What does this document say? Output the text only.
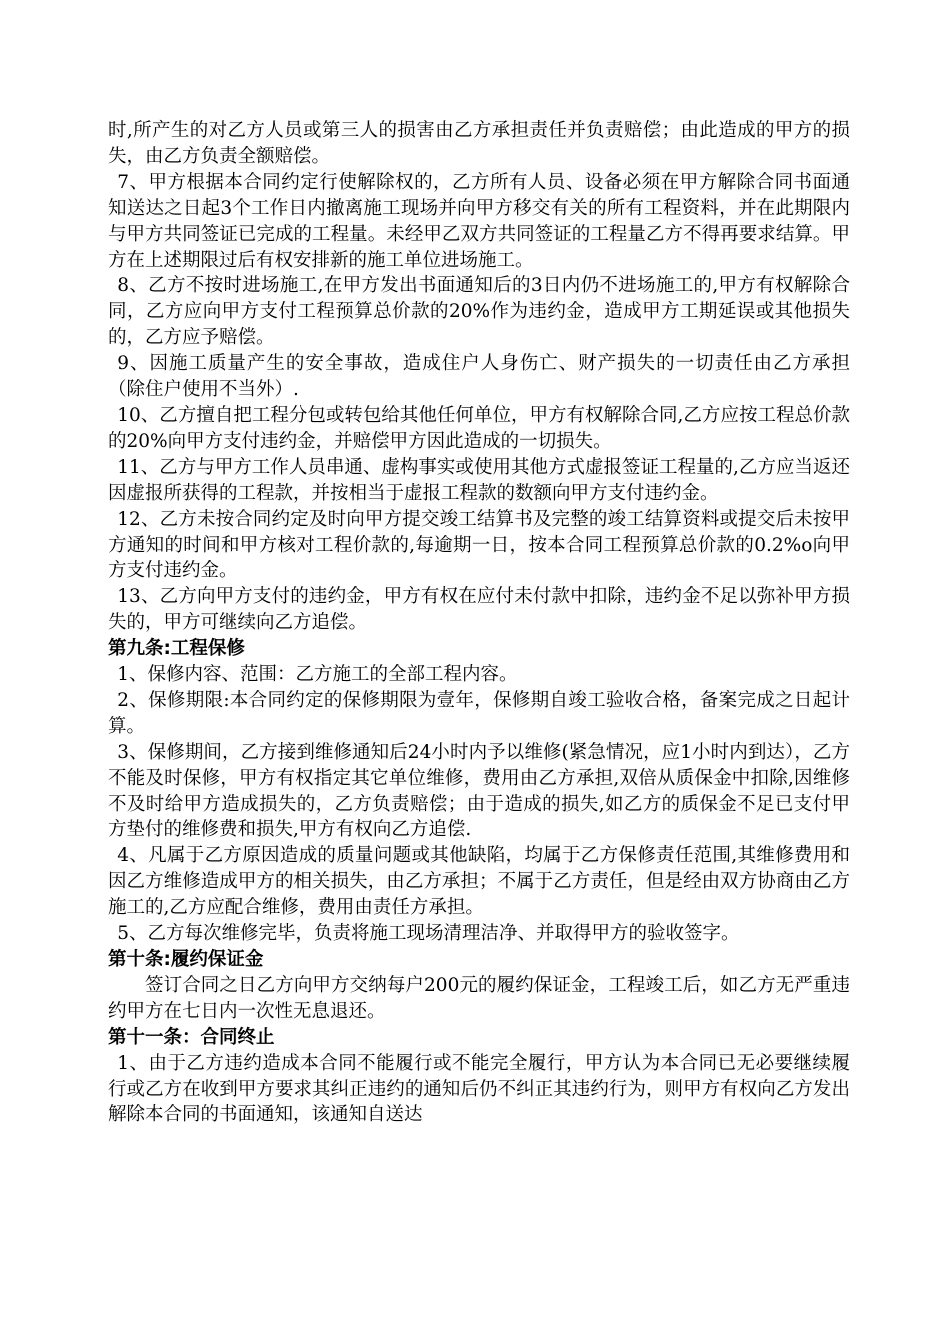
时,所产生的对乙方人员或第三人的损害由乙方承担责任并负责赔偿；由此造成的甲方的损失，由乙方负责全额赔偿。

7、甲方根据本合同约定行使解除权的，乙方所有人员、设备必须在甲方解除合同书面通知送达之日起3个工作日内撤离施工现场并向甲方移交有关的所有工程资料，并在此期限内与甲方共同签证已完成的工程量。未经甲乙双方共同签证的工程量乙方不得再要求结算。甲方在上述期限过后有权安排新的施工单位进场施工。

8、乙方不按时进场施工,在甲方发出书面通知后的3日内仍不进场施工的,甲方有权解除合同，乙方应向甲方支付工程预算总价款的20%作为违约金，造成甲方工期延误或其他损失的，乙方应予赔偿。

9、因施工质量产生的安全事故，造成住户人身伤亡、财产损失的一切责任由乙方承担（除住户使用不当外）.

10、乙方擅自把工程分包或转包给其他任何单位，甲方有权解除合同,乙方应按工程总价款的20%向甲方支付违约金，并赔偿甲方因此造成的一切损失。

11、乙方与甲方工作人员串通、虚构事实或使用其他方式虚报签证工程量的,乙方应当返还因虚报所获得的工程款，并按相当于虚报工程款的数额向甲方支付违约金。

12、乙方未按合同约定及时向甲方提交竣工结算书及完整的竣工结算资料或提交后未按甲方通知的时间和甲方核对工程价款的,每逾期一日，按本合同工程预算总价款的0.2%o向甲方支付违约金。

13、乙方向甲方支付的违约金，甲方有权在应付未付款中扣除，违约金不足以弥补甲方损失的，甲方可继续向乙方追偿。

第九条:工程保修

1、保修内容、范围：乙方施工的全部工程内容。

2、保修期限:本合同约定的保修期限为壹年，保修期自竣工验收合格，备案完成之日起计算。

3、保修期间，乙方接到维修通知后24小时内予以维修(紧急情况，应1小时内到达），乙方不能及时保修，甲方有权指定其它单位维修，费用由乙方承担,双倍从质保金中扣除,因维修不及时给甲方造成损失的，乙方负责赔偿；由于造成的损失,如乙方的质保金不足已支付甲方垫付的维修费和损失,甲方有权向乙方追偿.

4、凡属于乙方原因造成的质量问题或其他缺陷，均属于乙方保修责任范围,其维修费用和因乙方维修造成甲方的相关损失，由乙方承担；不属于乙方责任，但是经由双方协商由乙方施工的,乙方应配合维修，费用由责任方承担。

5、乙方每次维修完毕，负责将施工现场清理洁净、并取得甲方的验收签字。

第十条:履约保证金

签订合同之日乙方向甲方交纳每户200元的履约保证金，工程竣工后，如乙方无严重违约甲方在七日内一次性无息退还。

第十一条：合同终止

1、由于乙方违约造成本合同不能履行或不能完全履行，甲方认为本合同已无必要继续履行或乙方在收到甲方要求其纠正违约的通知后仍不纠正其违约行为，则甲方有权向乙方发出解除本合同的书面通知，该通知自送达
